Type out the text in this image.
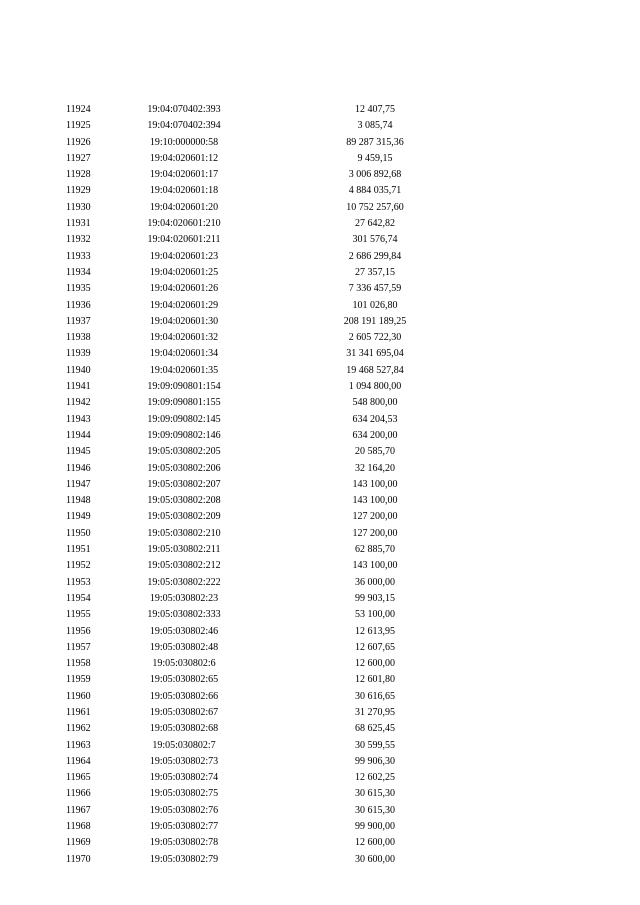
11924	19:04:070402:393	12 407,75
11925	19:04:070402:394	3 085,74
11926	19:10:000000:58	89 287 315,36
11927	19:04:020601:12	9 459,15
11928	19:04:020601:17	3 006 892,68
11929	19:04:020601:18	4 884 035,71
11930	19:04:020601:20	10 752 257,60
11931	19:04:020601:210	27 642,82
11932	19:04:020601:211	301 576,74
11933	19:04:020601:23	2 686 299,84
11934	19:04:020601:25	27 357,15
11935	19:04:020601:26	7 336 457,59
11936	19:04:020601:29	101 026,80
11937	19:04:020601:30	208 191 189,25
11938	19:04:020601:32	2 605 722,30
11939	19:04:020601:34	31 341 695,04
11940	19:04:020601:35	19 468 527,84
11941	19:09:090801:154	1 094 800,00
11942	19:09:090801:155	548 800,00
11943	19:09:090802:145	634 204,53
11944	19:09:090802:146	634 200,00
11945	19:05:030802:205	20 585,70
11946	19:05:030802:206	32 164,20
11947	19:05:030802:207	143 100,00
11948	19:05:030802:208	143 100,00
11949	19:05:030802:209	127 200,00
11950	19:05:030802:210	127 200,00
11951	19:05:030802:211	62 885,70
11952	19:05:030802:212	143 100,00
11953	19:05:030802:222	36 000,00
11954	19:05:030802:23	99 903,15
11955	19:05:030802:333	53 100,00
11956	19:05:030802:46	12 613,95
11957	19:05:030802:48	12 607,65
11958	19:05:030802:6	12 600,00
11959	19:05:030802:65	12 601,80
11960	19:05:030802:66	30 616,65
11961	19:05:030802:67	31 270,95
11962	19:05:030802:68	68 625,45
11963	19:05:030802:7	30 599,55
11964	19:05:030802:73	99 906,30
11965	19:05:030802:74	12 602,25
11966	19:05:030802:75	30 615,30
11967	19:05:030802:76	30 615,30
11968	19:05:030802:77	99 900,00
11969	19:05:030802:78	12 600,00
11970	19:05:030802:79	30 600,00
